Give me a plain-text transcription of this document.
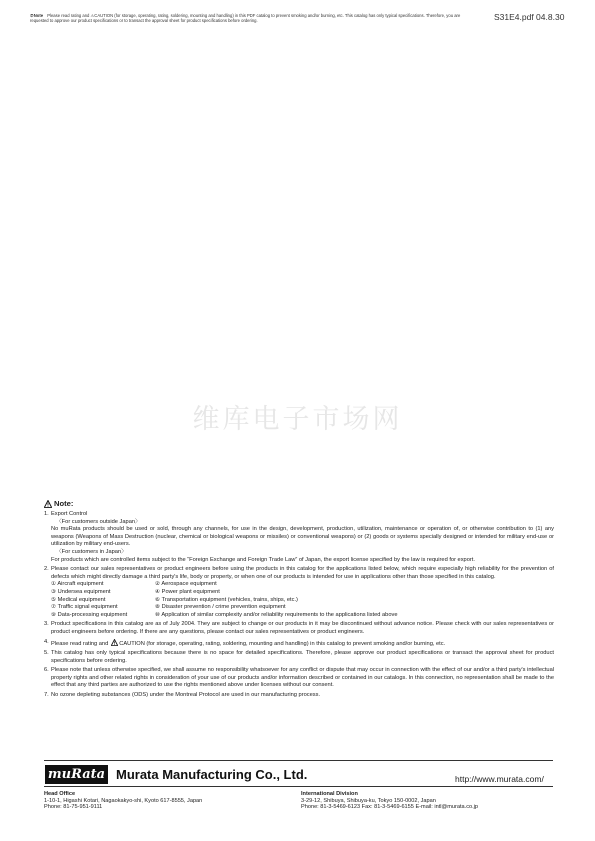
⑦Note Please read rating and ⚠CAUTION (for storage, operating, rating, soldering, mounting and handling) in this PDF catalog to prevent smoking and/or burning, etc. This catalog has only typical specifications. Therefore, you are requested to approve our product specifications or to transact the approval sheet for product specifications before ordering.	S31E4.pdf 04.8.30
维库电子市场网
Note:
1. Export Control
〈For customers outside Japan〉
No muRata products should be used or sold, through any channels, for use in the design, development, production, utilization, maintenance or operation of, or otherwise contribution to (1) any weapons (Weapons of Mass Destruction (nuclear, chemical or biological weapons or missiles) or conventional weapons) or (2) goods or systems specially designed or intended for military end-use or utilization by military end-users.
〈For customers in Japan〉
For products which are controlled items subject to the “Foreign Exchange and Foreign Trade Law” of Japan, the export license specified by the law is required for export.
2. Please contact our sales representatives or product engineers before using the products in this catalog for the applications listed below, which require especially high reliability for the prevention of defects which might directly damage a third party's life, body or property, or when one of our products is intended for use in applications other than those specified in this catalog.
① Aircraft equipment	② Aerospace equipment
③ Undersea equipment	④ Power plant equipment
⑤ Medical equipment	⑥ Transportation equipment (vehicles, trains, ships, etc.)
⑦ Traffic signal equipment	⑧ Disaster prevention / crime prevention equipment
⑨ Data-processing equipment	⑩ Application of similar complexity and/or reliability requirements to the applications listed above
3. Product specifications in this catalog are as of July 2004. They are subject to change or our products in it may be discontinued without advance notice. Please check with our sales representatives or product engineers before ordering. If there are any questions, please contact our sales representatives or product engineers.
4. Please read rating and CAUTION (for storage, operating, rating, soldering, mounting and handling) in this catalog to prevent smoking and/or burning, etc.
5. This catalog has only typical specifications because there is no space for detailed specifications. Therefore, please approve our product specifications or transact the approval sheet for product specifications before ordering.
6. Please note that unless otherwise specified, we shall assume no responsibility whatsoever for any conflict or dispute that may occur in connection with the effect of our and/or a third party's intellectual property rights and other related rights in consideration of your use of our products and/or information described or contained in our catalogs. In this connection, no representation shall be made to the effect that any third parties are authorized to use the rights mentioned above under licenses without our consent.
7. No ozone depleting substances (ODS) under the Montreal Protocol are used in our manufacturing process.
muRata Murata Manufacturing Co., Ltd.	http://www.murata.com/
Head Office
1-10-1, Higashi Kotari, Nagaokakyo-shi, Kyoto 617-8555, Japan
Phone: 81-75-951-9111
International Division
3-29-12, Shibuya, Shibuya-ku, Tokyo 150-0002, Japan
Phone: 81-3-5469-6123 Fax: 81-3-5469-6155 E-mail: intl@murata.co.jp
